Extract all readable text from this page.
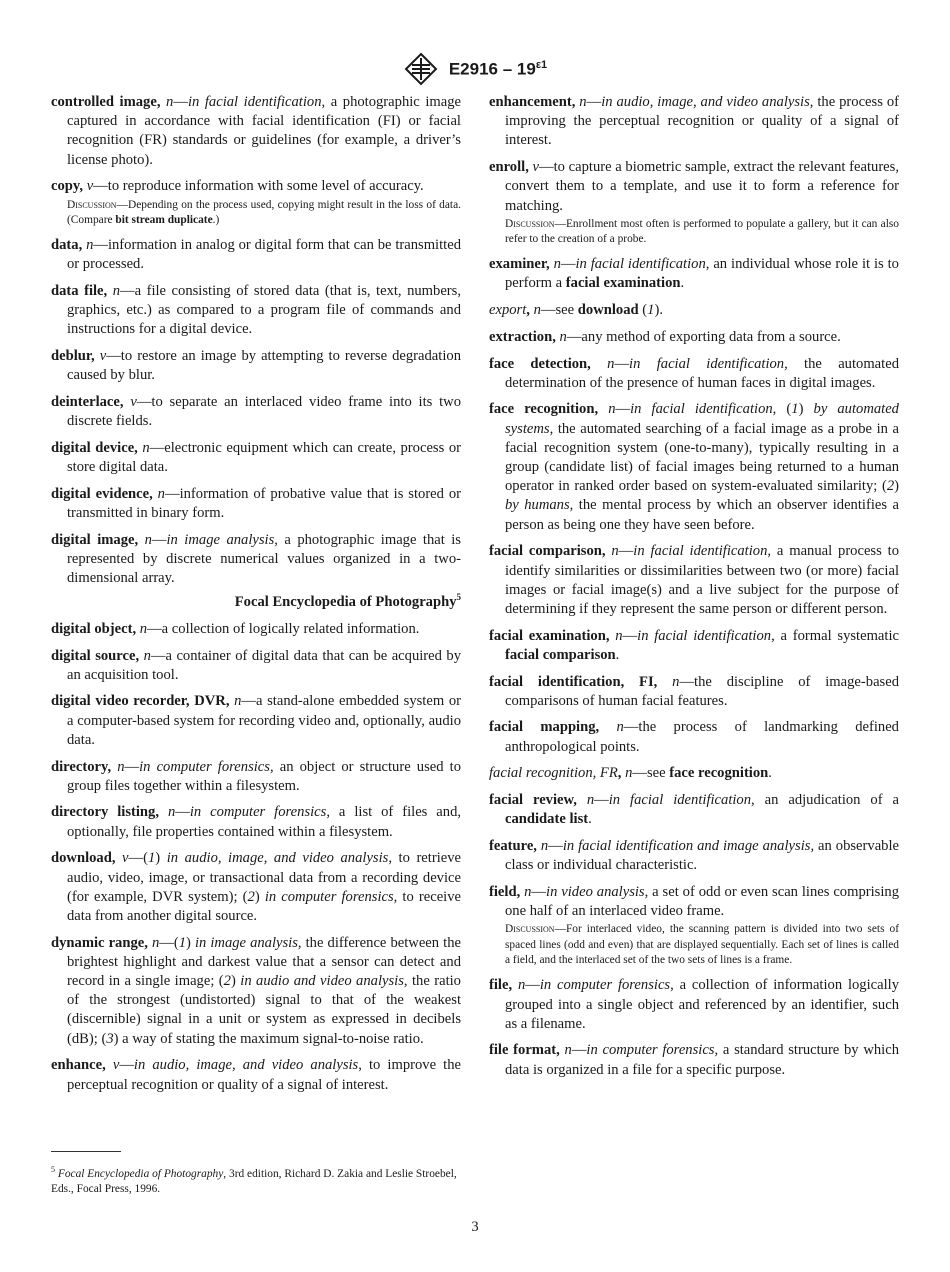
$E2916 - 19^{\varepsilon 1}$

controlled image, n—in facial identification, a photographic image captured in accordance with facial identification (FI) or facial recognition (FR) standards or guidelines (for example, a driver’s license photo).

copy, v—to reproduce information with some level of accuracy.
Discussion—Depending on the process used, copying might result in the loss of data. (Compare bit stream duplicate.)

data, n—information in analog or digital form that can be transmitted or processed.

data file, n—a file consisting of stored data (that is, text, numbers, graphics, etc.) as compared to a program file of commands and instructions for a digital device.

deblur, v—to restore an image by attempting to reverse degradation caused by blur.

deinterlace, v—to separate an interlaced video frame into its two discrete fields.

digital device, n—electronic equipment which can create, process or store digital data.

digital evidence, n—information of probative value that is stored or transmitted in binary form.

digital image, n—in image analysis, a photographic image that is represented by discrete numerical values organized in a two-dimensional array.
Focal Encyclopedia of Photography$^5$

digital object, n—a collection of logically related information.

digital source, n—a container of digital data that can be acquired by an acquisition tool.

digital video recorder, DVR, n—a stand-alone embedded system or a computer-based system for recording video and, optionally, audio data.

directory, n—in computer forensics, an object or structure used to group files together within a filesystem.

directory listing, n—in computer forensics, a list of files and, optionally, file properties contained within a filesystem.

download, v—(1) in audio, image, and video analysis, to retrieve audio, video, image, or transactional data from a recording device (for example, DVR system); (2) in computer forensics, to receive data from another digital source.

dynamic range, n—(1) in image analysis, the difference between the brightest highlight and darkest value that a sensor can detect and record in a single image; (2) in audio and video analysis, the ratio of the strongest (undistorted) signal to that of the weakest (discernible) signal in a unit or system as expressed in decibels (dB); (3) a way of stating the maximum signal-to-noise ratio.

enhance, v—in audio, image, and video analysis, to improve the perceptual recognition or quality of a signal of interest.

enhancement, n—in audio, image, and video analysis, the process of improving the perceptual recognition or quality of a signal of interest.

enroll, v—to capture a biometric sample, extract the relevant features, convert them to a template, and use it to form a reference for matching.
Discussion—Enrollment most often is performed to populate a gallery, but it can also refer to the creation of a probe.

examiner, n—in facial identification, an individual whose role it is to perform a facial examination.

export, n—see download (1).

extraction, n—any method of exporting data from a source.

face detection, n—in facial identification, the automated determination of the presence of human faces in digital images.

face recognition, n—in facial identification, (1) by automated systems, the automated searching of a facial image as a probe in a facial recognition system (one-to-many), typically resulting in a group (candidate list) of facial images being returned to a human operator in ranked order based on system-evaluated similarity; (2) by humans, the mental process by which an observer identifies a person as being one they have seen before.

facial comparison, n—in facial identification, a manual process to identify similarities or dissimilarities between two (or more) facial images or facial image(s) and a live subject for the purpose of determining if they represent the same person or different person.

facial examination, n—in facial identification, a formal systematic facial comparison.

facial identification, FI, n—the discipline of image-based comparisons of human facial features.

facial mapping, n—the process of landmarking defined anthropological points.

facial recognition, FR, n—see face recognition.

facial review, n—in facial identification, an adjudication of a candidate list.

feature, n—in facial identification and image analysis, an observable class or individual characteristic.

field, n—in video analysis, a set of odd or even scan lines comprising one half of an interlaced video frame.
Discussion—For interlaced video, the scanning pattern is divided into two sets of spaced lines (odd and even) that are displayed sequentially. Each set of lines is called a field, and the interlaced set of the two sets of lines is a frame.

file, n—in computer forensics, a collection of information logically grouped into a single object and referenced by an identifier, such as a filename.

file format, n—in computer forensics, a standard structure by which data is organized in a file for a specific purpose.

$^5$ Focal Encyclopedia of Photography, 3rd edition, Richard D. Zakia and Leslie Stroebel, Eds., Focal Press, 1996.
3
